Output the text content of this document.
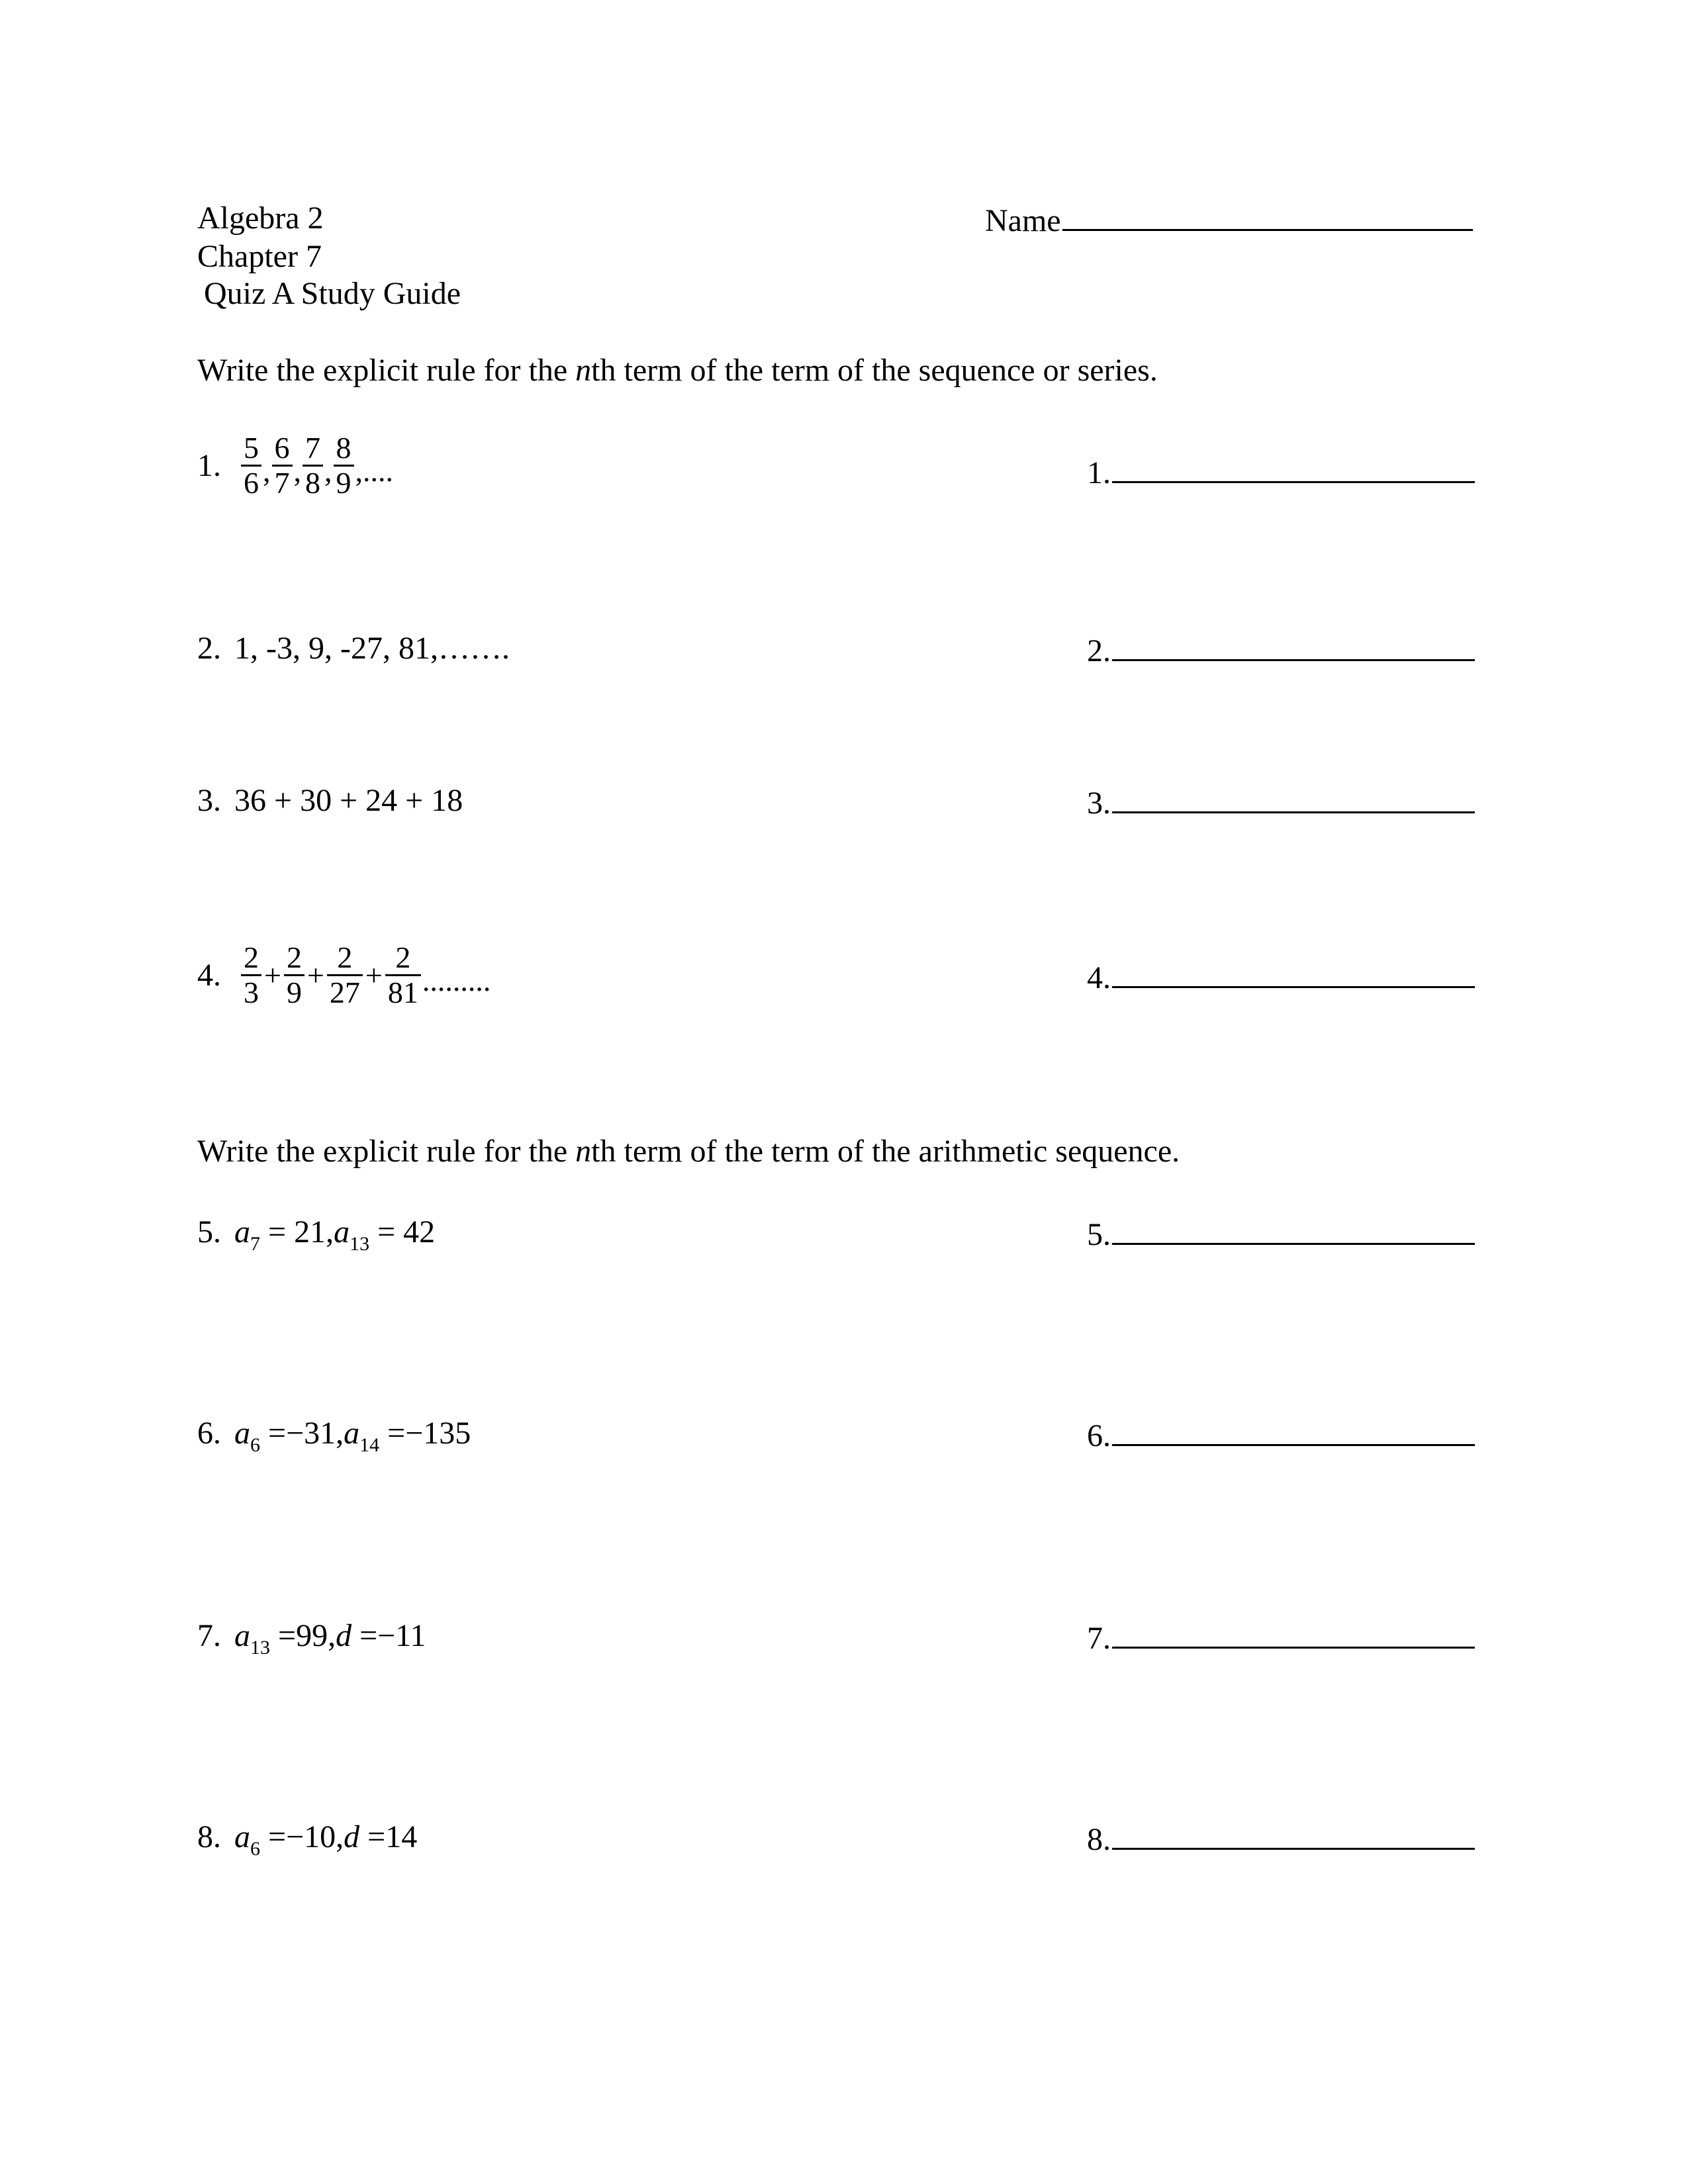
Algebra 2
Chapter 7
Quiz A Study Guide
Name
Write the explicit rule for the nth term of the term of the sequence or series.
1. $\frac{5}{6}$ , $\frac{6}{7}$ , $\frac{7}{8}$ , $\frac{8}{9}$ ,....
2. 1, -3, 9, -27, 81,…….
3. 36 + 30 + 24 + 18
4. $\frac{2}{3} + \frac{2}{9} + \frac{2}{27} + \frac{2}{81}$ .........
Write the explicit rule for the nth term of the term of the arithmetic sequence.
5. $a_7 = 21,a_{13} = 42$
6. $a_6 =-31,a_{14} =-135$
7. $a_{13} =99,d =-11$
8. $a_6 =-10,d =14$
1.
2.
3.
4.
5.
6.
7.
8.
